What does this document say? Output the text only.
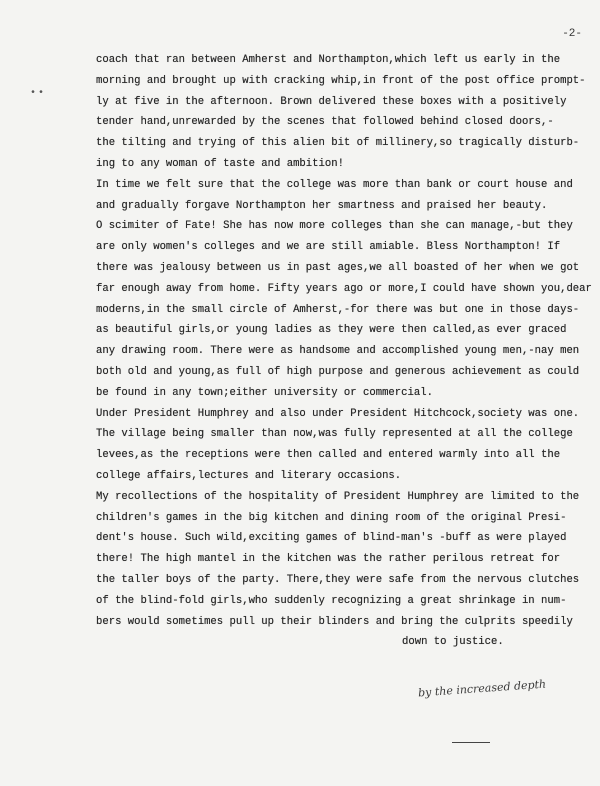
-2-
••
coach that ran between Amherst and Northampton,which left us early in the
morning and brought up with cracking whip,in front of the post office prompt-
ly at five in the afternoon. Brown delivered these boxes with a positively
tender hand,unrewarded by the scenes that followed behind closed doors,-
the tilting and trying of this alien bit of millinery,so tragically disturb-
ing to any woman of taste and ambition!
In time we felt sure that the college was more than bank or court house and
and gradually forgave Northampton her smartness and praised her beauty.
O scimiter of Fate! She has now more colleges than she can manage,-but they
are only women's colleges and we are still amiable. Bless Northampton! If
there was jealousy between us in past ages,we all boasted of her when we got
far enough away from home. Fifty years ago or more,I could have shown you,dear
moderns,in the small circle of Amherst,-for there was but one in those days-
as beautiful girls,or young ladies as they were then called,as ever graced
any drawing room. There were as handsome and accomplished young men,-nay men
both old and young,as full of high purpose and generous achievement as could
be found in any town;either university or commercial.
Under President Humphrey and also under President Hitchcock,society was one.
The village being smaller than now,was fully represented at all the college
levees,as the receptions were then called and entered warmly into all the
college affairs,lectures and literary occasions.
My recollections of the hospitality of President Humphrey are limited to the
children's games in the big kitchen and dining room of the original Presi-
dent's house. Such wild,exciting games of blind-man's -buff as were played
there! The high mantel in the kitchen was the rather perilous retreat for
the taller boys of the party. There,they were safe from the nervous clutches
of the blind-fold girls,who suddenly recognizing a great shrinkage in num-
bers would sometimes pull up their blinders and bring the culprits speedily
down to justice.
by the increased depth
